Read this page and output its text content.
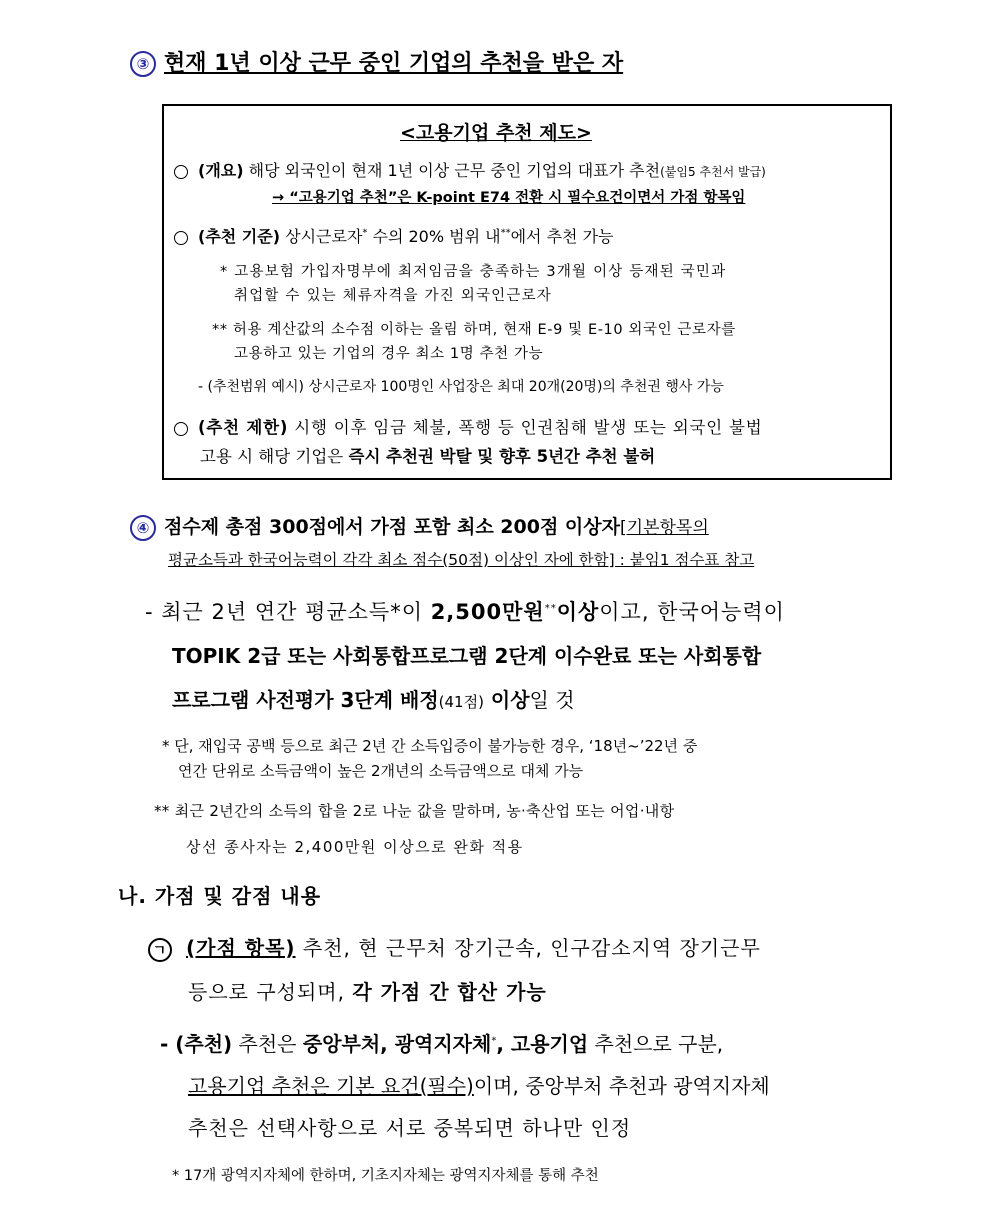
③ 현재 1년 이상 근무 중인 기업의 추천을 받은 자
<고용기업 추천 제도>
(개요) 해당 외국인이 현재 1년 이상 근무 중인 기업의 대표가 추천(붙임5 추천서 발급)
→ “고용기업 추천”은 K-point E74 전환 시 필수요건이면서 가점 항목임
(추천 기준) 상시근로자* 수의 20% 범위 내**에서 추천 가능
* 고용보험 가입자명부에 최저임금을 충족하는 3개월 이상 등재된 국민과
취업할 수 있는 체류자격을 가진 외국인근로자
** 허용 계산값의 소수점 이하는 올림 하며, 현재 E-9 및 E-10 외국인 근로자를
고용하고 있는 기업의 경우 최소 1명 추천 가능
- (추천범위 예시) 상시근로자 100명인 사업장은 최대 20개(20명)의 추천권 행사 가능
(추천 제한) 시행 이후 임금 체불, 폭행 등 인권침해 발생 또는 외국인 불법
고용 시 해당 기업은 즉시 추천권 박탈 및 향후 5년간 추천 불허
④ 점수제 총점 300점에서 가점 포함 최소 200점 이상자[기본항목의
평균소득과 한국어능력이 각각 최소 점수(50점) 이상인 자에 한함] : 붙임1 점수표 참고
- 최근 2년 연간 평균소득*이 2,500만원**이상이고, 한국어능력이
TOPIK 2급 또는 사회통합프로그램 2단계 이수완료 또는 사회통합
프로그램 사전평가 3단계 배정(41점) 이상일 것
* 단, 재입국 공백 등으로 최근 2년 간 소득입증이 불가능한 경우, ‘18년~’22년 중
연간 단위로 소득금액이 높은 2개년의 소득금액으로 대체 가능
** 최근 2년간의 소득의 합을 2로 나눈 값을 말하며, 농·축산업 또는 어업·내항
상선 종사자는 2,400만원 이상으로 완화 적용
나. 가점 및 감점 내용
ㄱ (가점 항목) 추천, 현 근무처 장기근속, 인구감소지역 장기근무
등으로 구성되며, 각 가점 간 합산 가능
- (추천) 추천은 중앙부처, 광역지자체*, 고용기업 추천으로 구분,
고용기업 추천은 기본 요건(필수)이며, 중앙부처 추천과 광역지자체
추천은 선택사항으로 서로 중복되면 하나만 인정
* 17개 광역지자체에 한하며, 기초지자체는 광역지자체를 통해 추천
